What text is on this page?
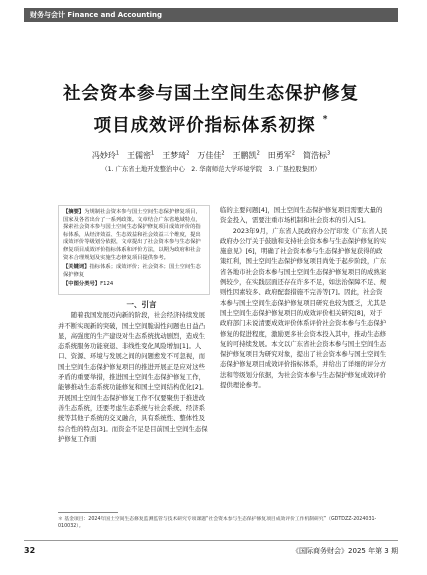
财务与会计 Finance and Accounting
社会资本参与国土空间生态保护修复
项目成效评价指标体系初探 *
冯妙玲$^1$　 王儒密$^1$　 王梦琦$^2$　 万佳佳$^2$　 王鹏凯$^2$　 田勇军$^2$　 简浩标$^3$
（1. 广东省土地开发整治中心　2. 华南师范大学环境学院　3. 广垦控股集团）

【摘要】为规制社会资本参与国土空间生态保护修复项目，国家及各省出台了一系列政策。文章结合广东省地域特点，探索社会资本参与国土空间生态保护修复项目成效评价的指标体系，从经济效益、生态效益和社会效益三个维度，提出成效评价等级划分依据，文章提出了社会资本参与生态保护修复项目成效评价指标体系和评价方法，以期为政府和社会资本合理规划及实施生态修复项目提供参考。

【关键词】指标体系；成效评价；社会资本；国土空间生态保护修复

【中图分类号】F124

一、引言

随着我国发展迈向新的阶段，社会经济持续发展并不断实现新的突破，国土空间脆弱性问题也日益凸显，高强度的生产建设对生态系统扰动剧烈，造成生态系统服务功能衰退、非线性变化风险增加[1]。人口、资源、环境与发展之间的问题愈发不可忽视，而国土空间生态保护修复项目的推进开展正是应对这些矛盾的重要举措，推进国土空间生态保护修复工作，能够推动生态系统功能修复和国土空间结构优化[2]。开展国土空间生态保护修复工作不仅要聚焦于推进改善生态系统，还要考虑生态系统与社会系统、经济系统等其他子系统的交叉融合，具有系统性、整体性及综合性的特点[3]。而资金不足是目前国土空间生态保护修复工作面

临的主要问题[4]，国土空间生态保护修复项目需要大量的资金投入，需要注重市场机制和社会资本的引入[5]。

2023年9月，广东省人民政府办公厅印发《广东省人民政府办公厅关于鼓励和支持社会资本参与生态保护修复的实施意见》[6]，明确了社会资本参与生态保护修复获得的政策红利，国土空间生态保护修复项目尚处于起步阶段，广东省各地市社会资本参与国土空间生态保护修复项目的成熟案例较少，在实践层面还存在许多不足，如法治保障不足、规则性因素较多、政府配套措施不完善等[7]。因此，社会资本参与国土空间生态保护修复项目研究也较为匮乏，尤其是国土空间生态保护修复项目的成效评价相关研究[8]，对于政府部门未说清要成效评价体系评价社会资本参与生态保护修复的促进程度，激励更多社会资本投入其中，推动生态修复的可持续发展。本文以广东省社会资本参与国土空间生态保护修复项目为研究对象，提出了社会资本参与国土空间生态保护修复项目成效评价指标体系，并给出了详细的评分方法和等级划分依据，为社会资本参与生态保护修复成效评价提供理论参考。

＊ 基金项目：2024年国土空间生态修复监测监管与技术研究专项课题“社会资本参与生态保护修复项目成效评价工作机制研究”（GDTDZZ-2024031-010032）。
32	《国际商务财会》2025 年第 3 期
